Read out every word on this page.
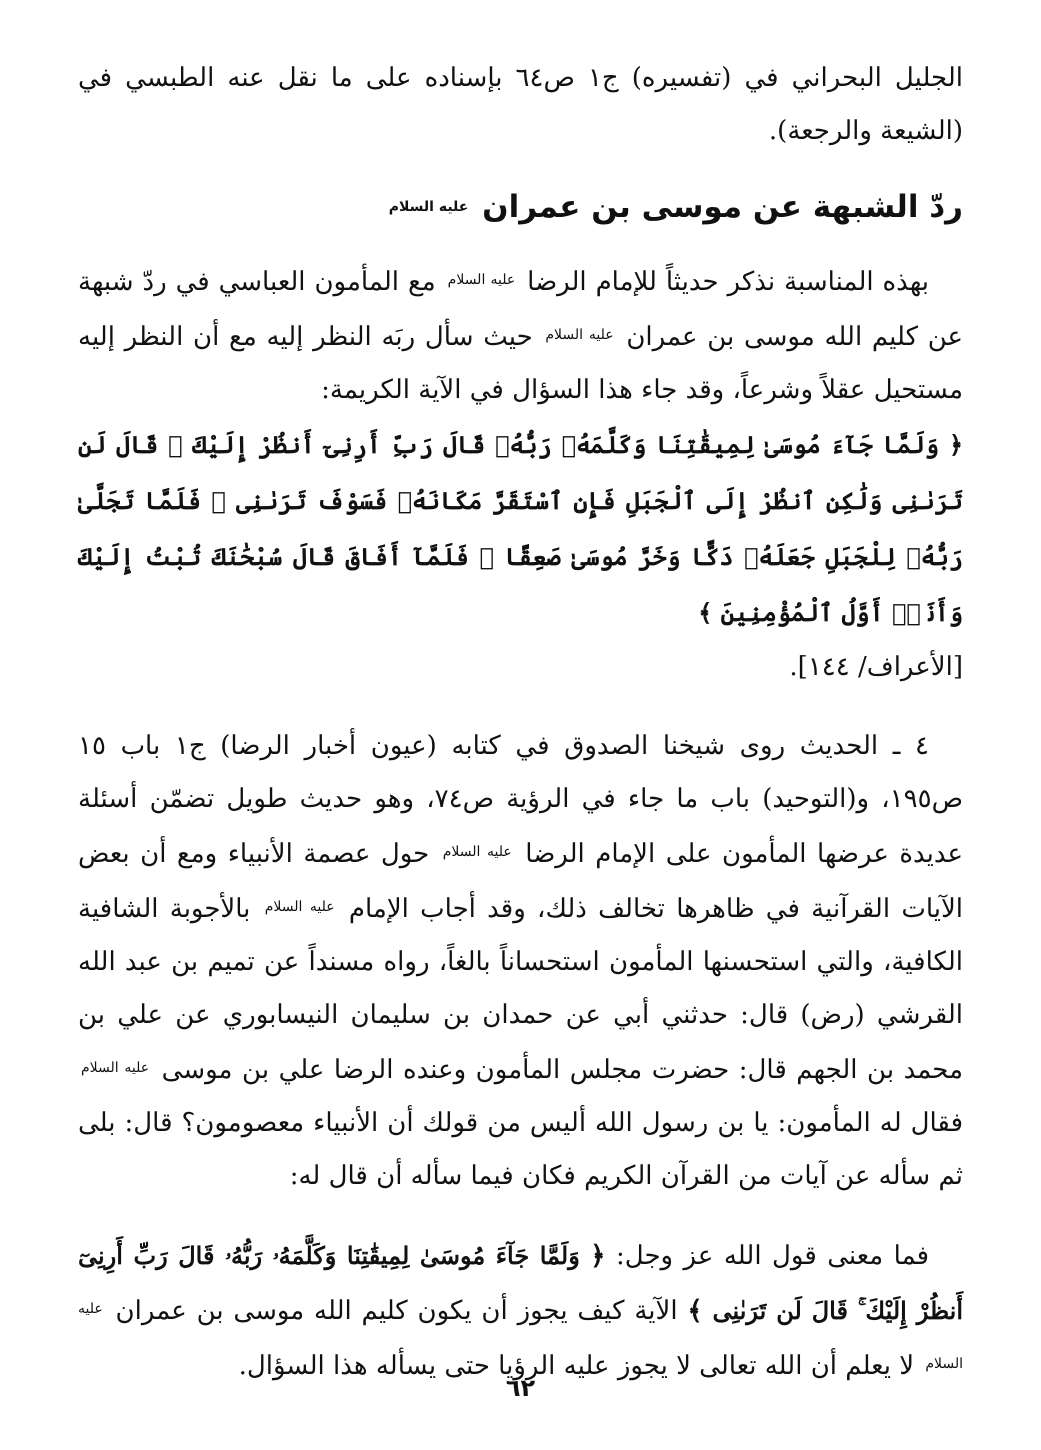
الجليل البحراني في (تفسيره) ج١ ص٦٤ بإسناده على ما نقل عنه الطبسي في (الشيعة والرجعة).

ردّ الشبهة عن موسى بن عمران عليه السلام

بهذه المناسبة نذكر حديثاً للإمام الرضا $^{عليه السلام}$ مع المأمون العباسي في ردّ شبهة عن كليم الله موسى بن عمران $^{عليه السلام}$ حيث سأل ربَه النظر إليه مع أن النظر إليه مستحيل عقلاً وشرعاً، وقد جاء هذا السؤال في الآية الكريمة:

﴿ وَلَمَّا جَآءَ مُوسَىٰ لِمِيقَٰتِنَا وَكَلَّمَهُۥ رَبُّهُۥ قَالَ رَبِّ أَرِنِىٓ أَنظُرْ إِلَيْكَ ۚ قَالَ لَن تَرَىٰنِى وَلَٰكِنِ ٱنظُرْ إِلَى ٱلْجَبَلِ فَإِنِ ٱسْتَقَرَّ مَكَانَهُۥ فَسَوْفَ تَرَىٰنِى ۚ فَلَمَّا تَجَلَّىٰ رَبُّهُۥ لِلْجَبَلِ جَعَلَهُۥ دَكًّا وَخَرَّ مُوسَىٰ صَعِقًا ۚ فَلَمَّآ أَفَاقَ قَالَ سُبْحَٰنَكَ تُبْتُ إِلَيْكَ وَأَنَا۠ أَوَّلُ ٱلْمُؤْمِنِينَ ﴾

[الأعراف/ ١٤٤].

٤ ـ الحديث روى شيخنا الصدوق في كتابه (عيون أخبار الرضا) ج١ باب ١٥ ص١٩٥، و(التوحيد) باب ما جاء في الرؤية ص٧٤، وهو حديث طويل تضمّن أسئلة عديدة عرضها المأمون على الإمام الرضا $^{عليه السلام}$ حول عصمة الأنبياء ومع أن بعض الآيات القرآنية في ظاهرها تخالف ذلك، وقد أجاب الإمام $^{عليه السلام}$ بالأجوبة الشافية الكافية، والتي استحسنها المأمون استحساناً بالغاً، رواه مسنداً عن تميم بن عبد الله القرشي (رض) قال: حدثني أبي عن حمدان بن سليمان النيسابوري عن علي بن محمد بن الجهم قال: حضرت مجلس المأمون وعنده الرضا علي بن موسى $^{عليه السلام}$ فقال له المأمون: يا بن رسول الله أليس من قولك أن الأنبياء معصومون؟ قال: بلى ثم سأله عن آيات من القرآن الكريم فكان فيما سأله أن قال له:

فما معنى قول الله عز وجل: ﴿ وَلَمَّا جَآءَ مُوسَىٰ لِمِيقَٰتِنَا وَكَلَّمَهُۥ رَبُّهُۥ قَالَ رَبِّ أَرِنِىٓ أَنظُرْ إِلَيْكَ ۚ قَالَ لَن تَرَىٰنِى ﴾ الآية كيف يجوز أن يكون كليم الله موسى بن عمران $^{عليه السلام}$ لا يعلم أن الله تعالى لا يجوز عليه الرؤيا حتى يسأله هذا السؤال.

٦٢
